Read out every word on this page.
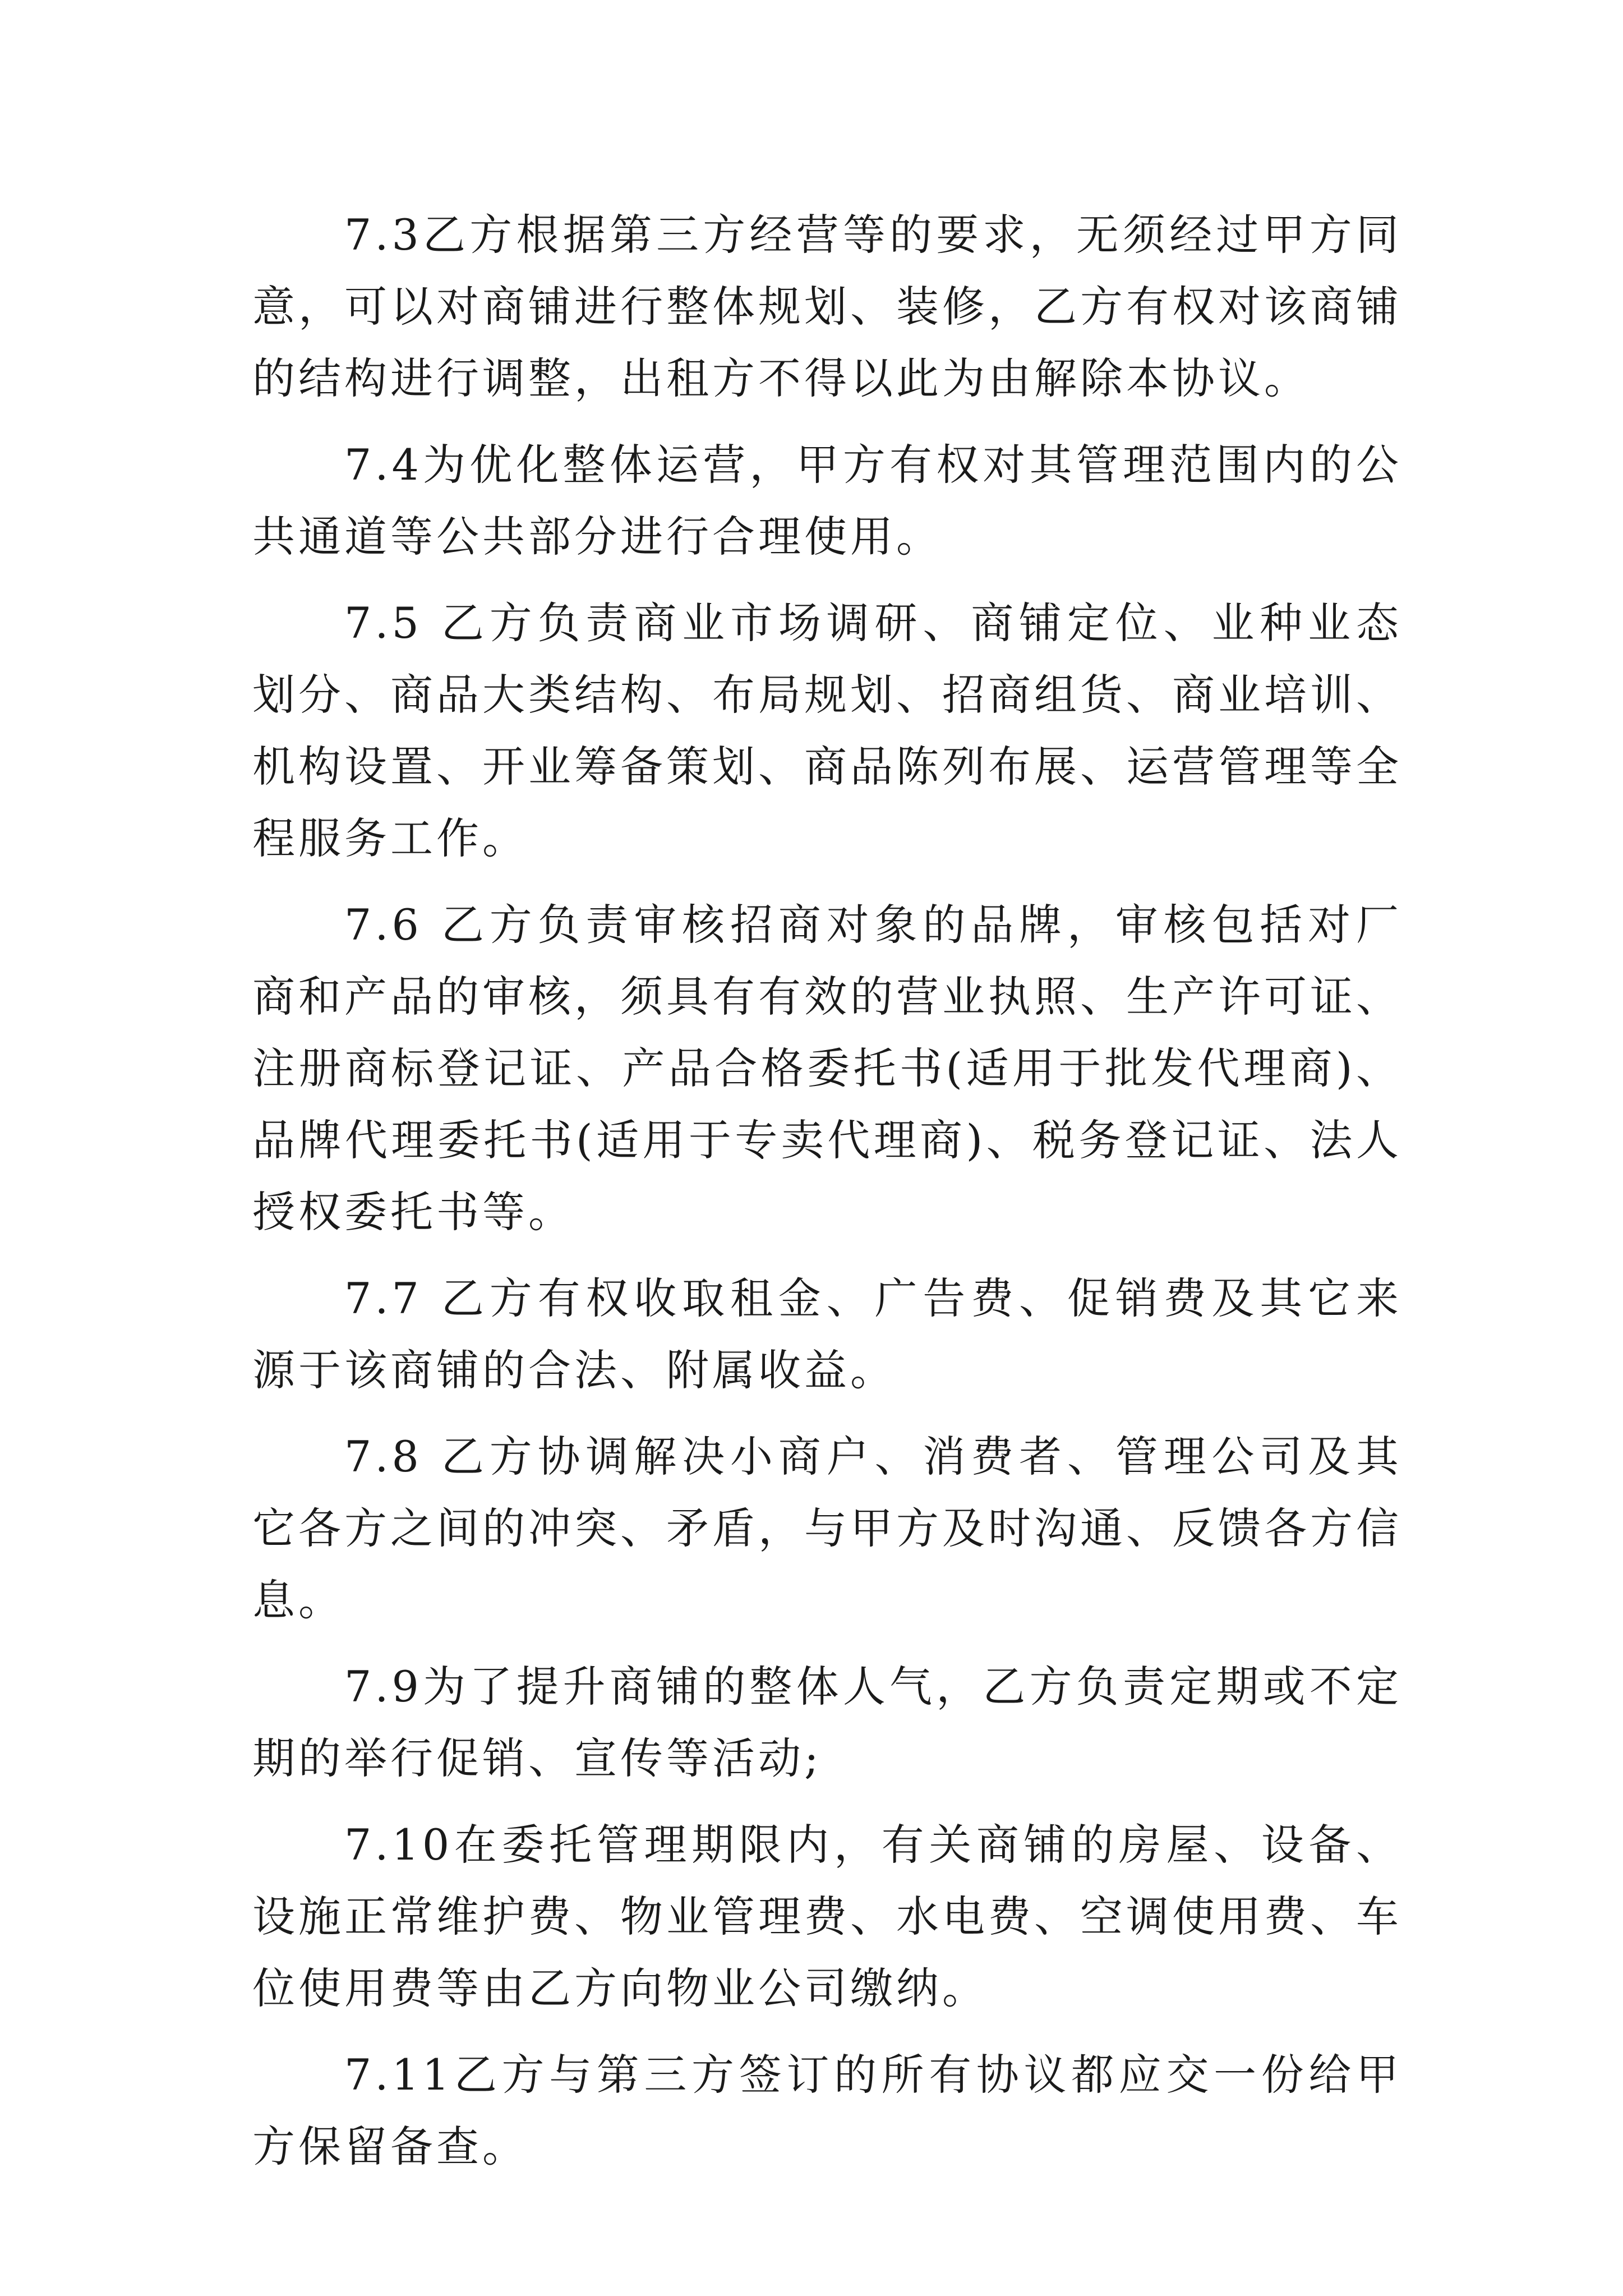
7.3乙方根据第三方经营等的要求，无须经过甲方同意，可以对商铺进行整体规划、装修，乙方有权对该商铺的结构进行调整，出租方不得以此为由解除本协议。

7.4为优化整体运营，甲方有权对其管理范围内的公共通道等公共部分进行合理使用。

7.5 乙方负责商业市场调研、商铺定位、业种业态划分、商品大类结构、布局规划、招商组货、商业培训、机构设置、开业筹备策划、商品陈列布展、运营管理等全程服务工作。

7.6 乙方负责审核招商对象的品牌，审核包括对厂商和产品的审核，须具有有效的营业执照、生产许可证、注册商标登记证、产品合格委托书(适用于批发代理商)、品牌代理委托书(适用于专卖代理商)、税务登记证、法人授权委托书等。

7.7 乙方有权收取租金、广告费、促销费及其它来源于该商铺的合法、附属收益。

7.8 乙方协调解决小商户、消费者、管理公司及其它各方之间的冲突、矛盾，与甲方及时沟通、反馈各方信息。

7.9为了提升商铺的整体人气，乙方负责定期或不定期的举行促销、宣传等活动;

7.10在委托管理期限内，有关商铺的房屋、设备、设施正常维护费、物业管理费、水电费、空调使用费、车位使用费等由乙方向物业公司缴纳。

7.11乙方与第三方签订的所有协议都应交一份给甲方保留备查。
